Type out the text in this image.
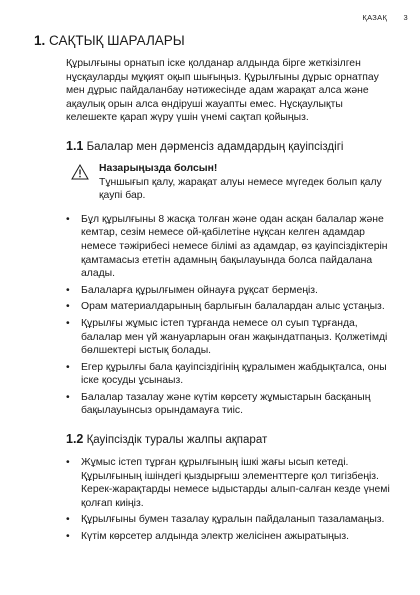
ҚАЗАҚ 3
1. САҚТЫҚ ШАРАЛАРЫ

Құрылғыны орнатып іске қолданар алдында бірге жеткізілген нұсқауларды мұқият оқып шығыңыз. Құрылғыны дұрыс орнатпау мен дұрыс пайдаланбау нәтижесінде адам жарақат алса және ақаулық орын алса өндіруші жауапты емес. Нұсқаулықты келешекте қарап жүру үшін үнемі сақтап қойыңыз.

1.1 Балалар мен дәрменсіз адамдардың қауіпсіздігі
Назарыңызда болсын!
Тұншығып қалу, жарақат алуы немесе мүгедек болып қалу қаупі бар.
• Бұл құрылғыны 8 жасқа толған және одан асқан балалар және кемтар, сезім немесе ой-қабілетіне нұқсан келген адамдар немесе тәжірибесі немесе білімі аз адамдар, өз қауіпсіздіктерін қамтамасыз ететін адамның бақылауында болса пайдалана алады.
• Балаларға құрылғымен ойнауға рұқсат бермеңіз.
• Орам материалдарының барлығын балалардан алыс ұстаңыз.
• Құрылғы жұмыс істеп тұрғанда немесе ол суып тұрғанда, балалар мен үй жануарларын оған жақындатпаңыз. Қолжетімді бөлшектері ыстық болады.
• Егер құрылғы бала қауіпсіздігінің құралымен жабдықталса, оны іске қосуды ұсынаыз.
• Балалар тазалау және күтім көрсету жұмыстарын басқаның бақылауынсыз орындамауға тиіс.
1.2 Қауіпсіздік туралы жалпы ақпарат
• Жұмыс істеп тұрған құрылғының ішкі жағы ысып кетеді. Құрылғының ішіндегі қыздырғыш элементтерге қол тигізбеңіз. Керек-жарақтарды немесе ыдыстарды алып-салған кезде үнемі қолғап киіңіз.
• Құрылғыны бумен тазалау құралын пайдаланып тазаламаңыз.
• Күтім көрсетер алдында электр желісінен ажыратыңыз.
